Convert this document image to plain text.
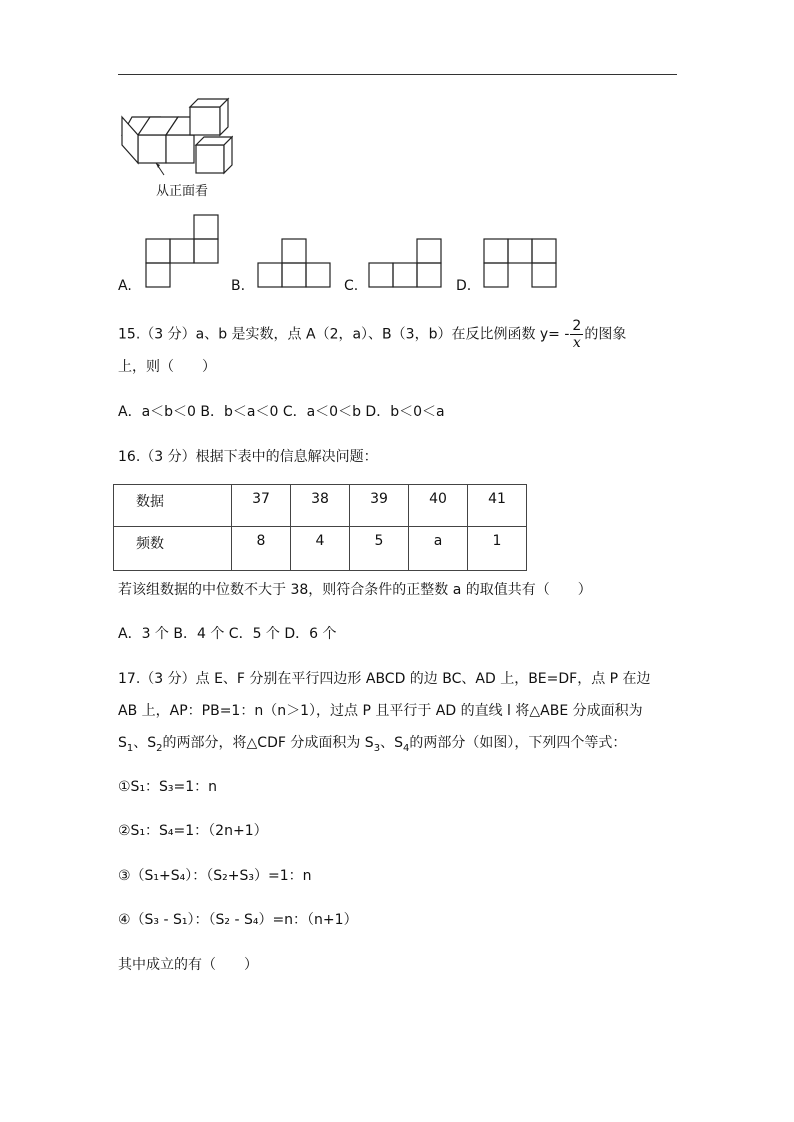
从正面看
A.	B.	C.	D.
15.（3 分）a、b 是实数，点 A（2，a）、B（3，b）在反比例函数 $y= - \frac{2}{x}$ 的图象
上，则（　　）
A．a＜b＜0 B．b＜a＜0 C．a＜0＜b D．b＜0＜a
16.（3 分）根据下表中的信息解决问题：
数据	37	38	39	40	41
频数	8	4	5	a	1
若该组数据的中位数不大于 38，则符合条件的正整数 a 的取值共有（　　）
A．3 个 B．4 个 C．5 个 D．6 个
17.（3 分）点 E、F 分别在平行四边形 ABCD 的边 BC、AD 上，BE=DF，点 P 在边
AB 上，AP：PB=1：n（n＞1），过点 P 且平行于 AD 的直线 l 将△ABE 分成面积为
$S_1$、$S_2$的两部分，将△CDF 分成面积为 $S_3$、$S_4$的两部分（如图），下列四个等式：
①S₁：S₃=1：n
②S₁：S₄=1：（2n+1）
③（S₁+S₄）：（S₂+S₃）=1：n
④（S₃ - S₁）：（S₂ - S₄）=n：（n+1）
其中成立的有（　　）
